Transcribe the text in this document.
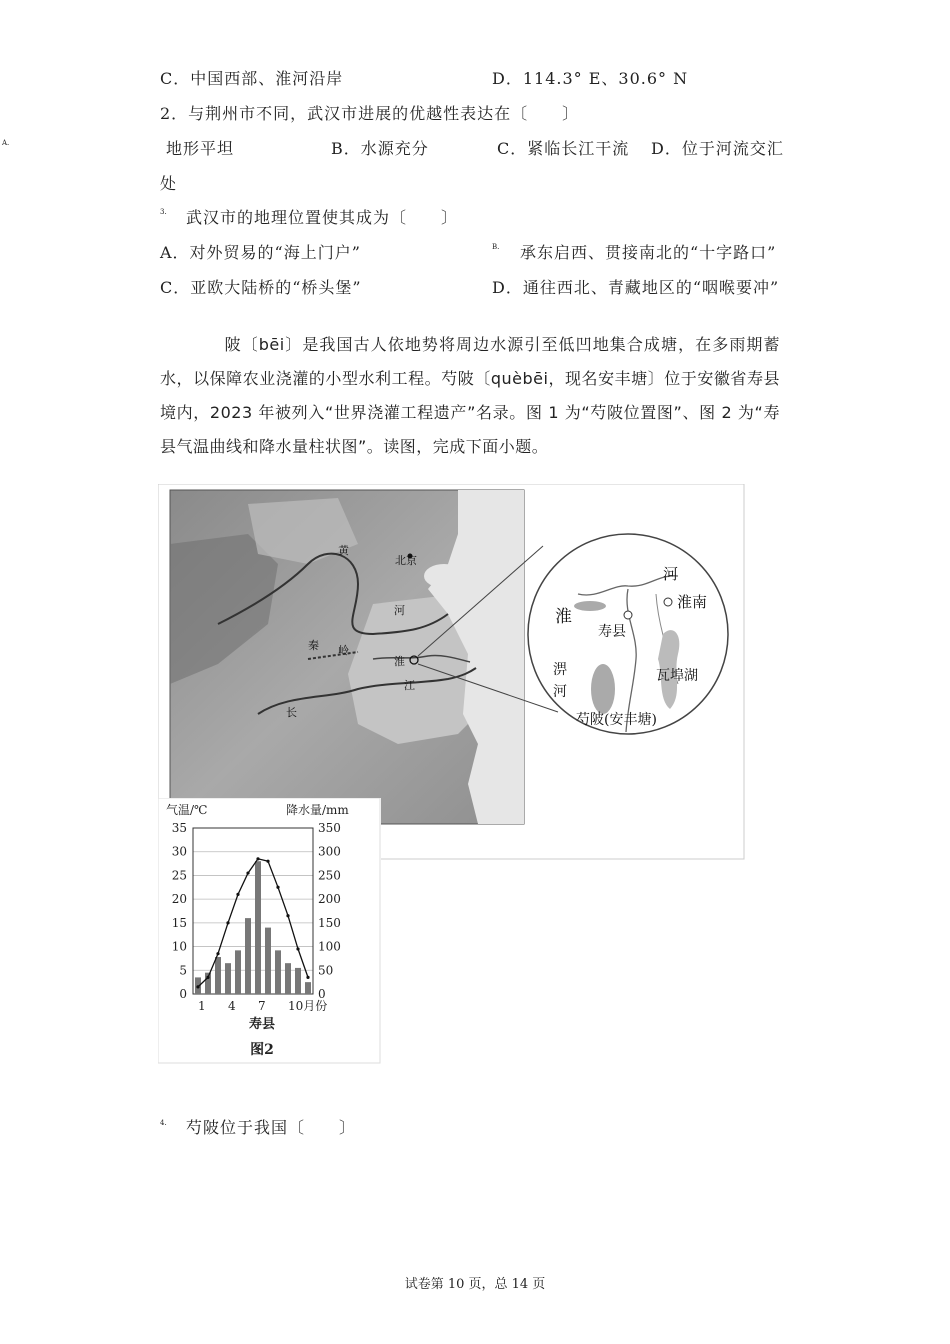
C．中国西部、淮河沿岸	D．114.3° E、30.6° N
2．与荆州市不同，武汉市进展的优越性表达在〔　　〕
A.	地形平坦	B．水源充分	C．紧临长江干流 D．位于河流交汇
处
3. 武汉市的地理位置使其成为〔　　〕
A．对外贸易的“海上门户”	B. 承东启西、贯接南北的“十字路口”
C．亚欧大陆桥的“桥头堡”	D．通往西北、青藏地区的“咽喉要冲”
陂〔bēi〕是我国古人依地势将周边水源引至低凹地集合成塘，在多雨期蓄水，以保障农业浇灌的小型水利工程。芍陂〔quèbēi，现名安丰塘〕位于安徽省寿县境内，2023 年被列入“世界浇灌工程遗产”名录。图 1 为“芍陂位置图”、图 2 为“寿县气温曲线和降水量柱状图”。读图，完成下面小题。
黄
河
北京
秦 岭
淮
江
长
河
淮南
淮
寿县
淠
河
瓦埠湖
芍陂(安丰塘)
气温/℃	降水量/mm
0
5
10
15
20
25
30
35
0
50
100
150
200
250
300
350
1 4 7 10月份
寿县
图2
4. 芍陂位于我国〔　　〕
试卷第 10 页，总 14 页
